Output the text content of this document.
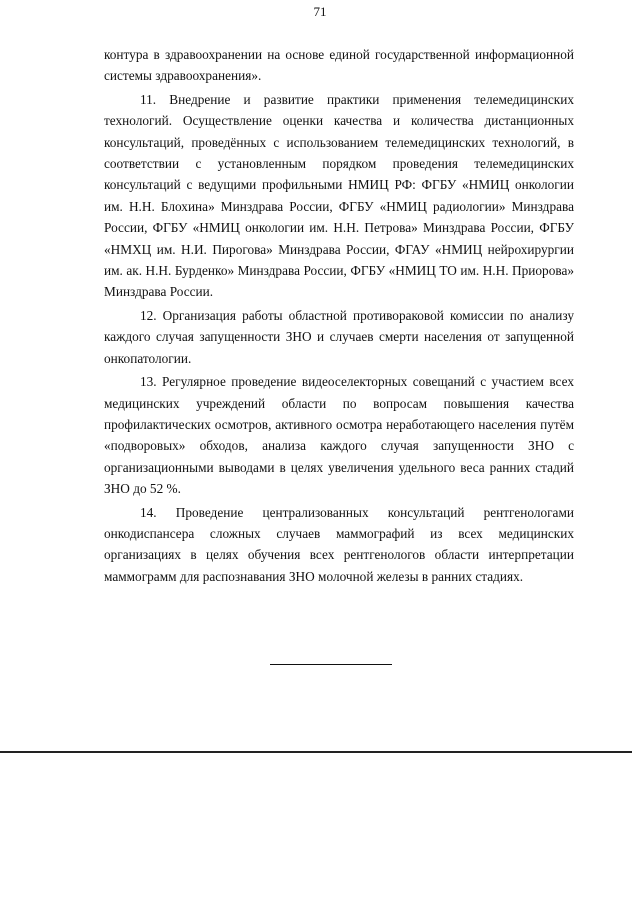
71

контура в здравоохранении на основе единой государственной информационной системы здравоохранения».

11. Внедрение и развитие практики применения телемедицинских технологий. Осуществление оценки качества и количества дистанционных консультаций, проведённых с использованием телемедицинских технологий, в соответствии с установленным порядком проведения телемедицинских консультаций с ведущими профильными НМИЦ РФ: ФГБУ «НМИЦ онкологии им. Н.Н. Блохина» Минздрава России, ФГБУ «НМИЦ радиологии» Минздрава России, ФГБУ «НМИЦ онкологии им. Н.Н. Петрова» Минздрава России, ФГБУ «НМХЦ им. Н.И. Пирогова» Минздрава России, ФГАУ «НМИЦ нейрохирургии им. ак. Н.Н. Бурденко» Минздрава России, ФГБУ «НМИЦ ТО им. Н.Н. Приорова» Минздрава России.

12. Организация работы областной противораковой комиссии по анализу каждого случая запущенности ЗНО и случаев смерти населения от запущенной онкопатологии.

13. Регулярное проведение видеоселекторных совещаний с участием всех медицинских учреждений области по вопросам повышения качества профилактических осмотров, активного осмотра неработающего населения путём «подворовых» обходов, анализа каждого случая запущенности ЗНО с организационными выводами в целях увеличения удельного веса ранних стадий ЗНО до 52 %.

14. Проведение централизованных консультаций рентгенологами онкодиспансера сложных случаев маммографий из всех медицинских организациях в целях обучения всех рентгенологов области интерпретации маммограмм для распознавания ЗНО молочной железы в ранних стадиях.
